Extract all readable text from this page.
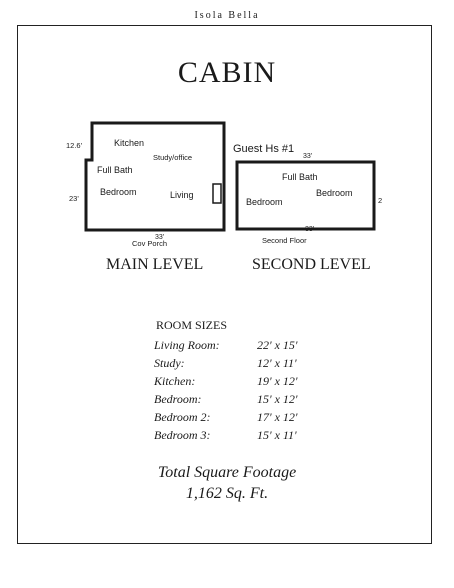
Isola Bella
CABIN
Kitchen
Study/office
Full Bath
Bedroom	Living
12.6'
23'
33'
Cov Porch
Guest Hs #1
33'
Full Bath
Bedroom
Bedroom	2
33'
Second Floor
MAIN LEVEL	SECOND LEVEL
ROOM SIZES
Living Room:	22' x 15'
Study:	12' x 11'
Kitchen:	19' x 12'
Bedroom:	15' x 12'
Bedroom 2:	17' x 12'
Bedroom 3:	15' x 11'
Total Square Footage
1,162 Sq. Ft.
